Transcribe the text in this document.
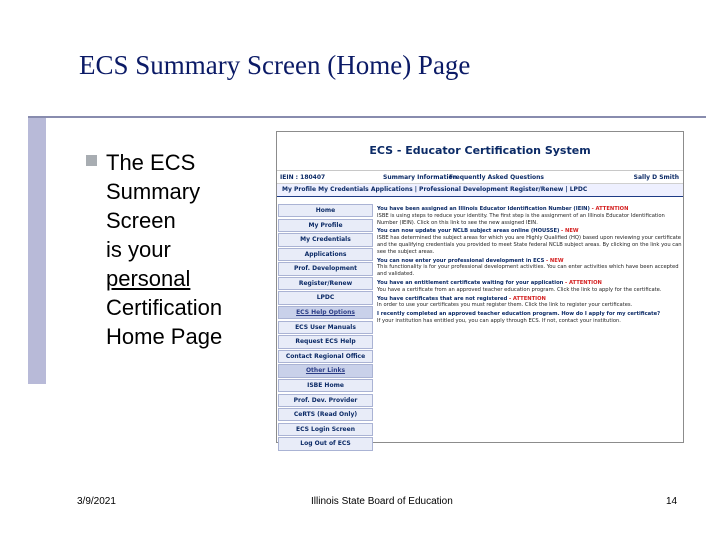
ECS Summary Screen (Home) Page
The ECS
Summary
Screen
is your
personal
Certification
Home Page
ECS - Educator Certification System
IEIN : 180407	Summary Information
Frequently Asked Questions	Sally D Smith
My Profile My Credentials Applications | Professional Development Register/Renew | LPDC
Home
My Profile
My Credentials
Applications
Prof. Development
Register/Renew
LPDC
ECS Help Options
ECS User Manuals
Request ECS Help
Contact Regional Office
Other Links
ISBE Home
Prof. Dev. Provider
CeRTS (Read Only)
ECS Login Screen
Log Out of ECS
You have been assigned an Illinois Educator Identification Number (IEIN) - ATTENTION
ISBE is using steps to reduce your identity. The first step is the assignment of an Illinois Educator Identification Number (IEIN). Click on this link to see the new assigned IEIN.
You can now update your NCLB subject areas online (HOUSSE) - NEW
ISBE has determined the subject areas for which you are Highly Qualified (HQ) based upon reviewing your certificate and the qualifying credentials you provided to meet State federal NCLB subject areas. By clicking on the link you can see the subject areas.
You can now enter your professional development in ECS - NEW
This functionality is for your professional development activities. You can enter activities which have been accepted and validated.
You have an entitlement certificate waiting for your application - ATTENTION
You have a certificate from an approved teacher education program. Click the link to apply for the certificate.
You have certificates that are not registered - ATTENTION
In order to use your certificates you must register them. Click the link to register your certificates.
I recently completed an approved teacher education program. How do I apply for my certificate?
If your institution has entitled you, you can apply through ECS. If not, contact your institution.
3/9/2021	Illinois State Board of Education	14
